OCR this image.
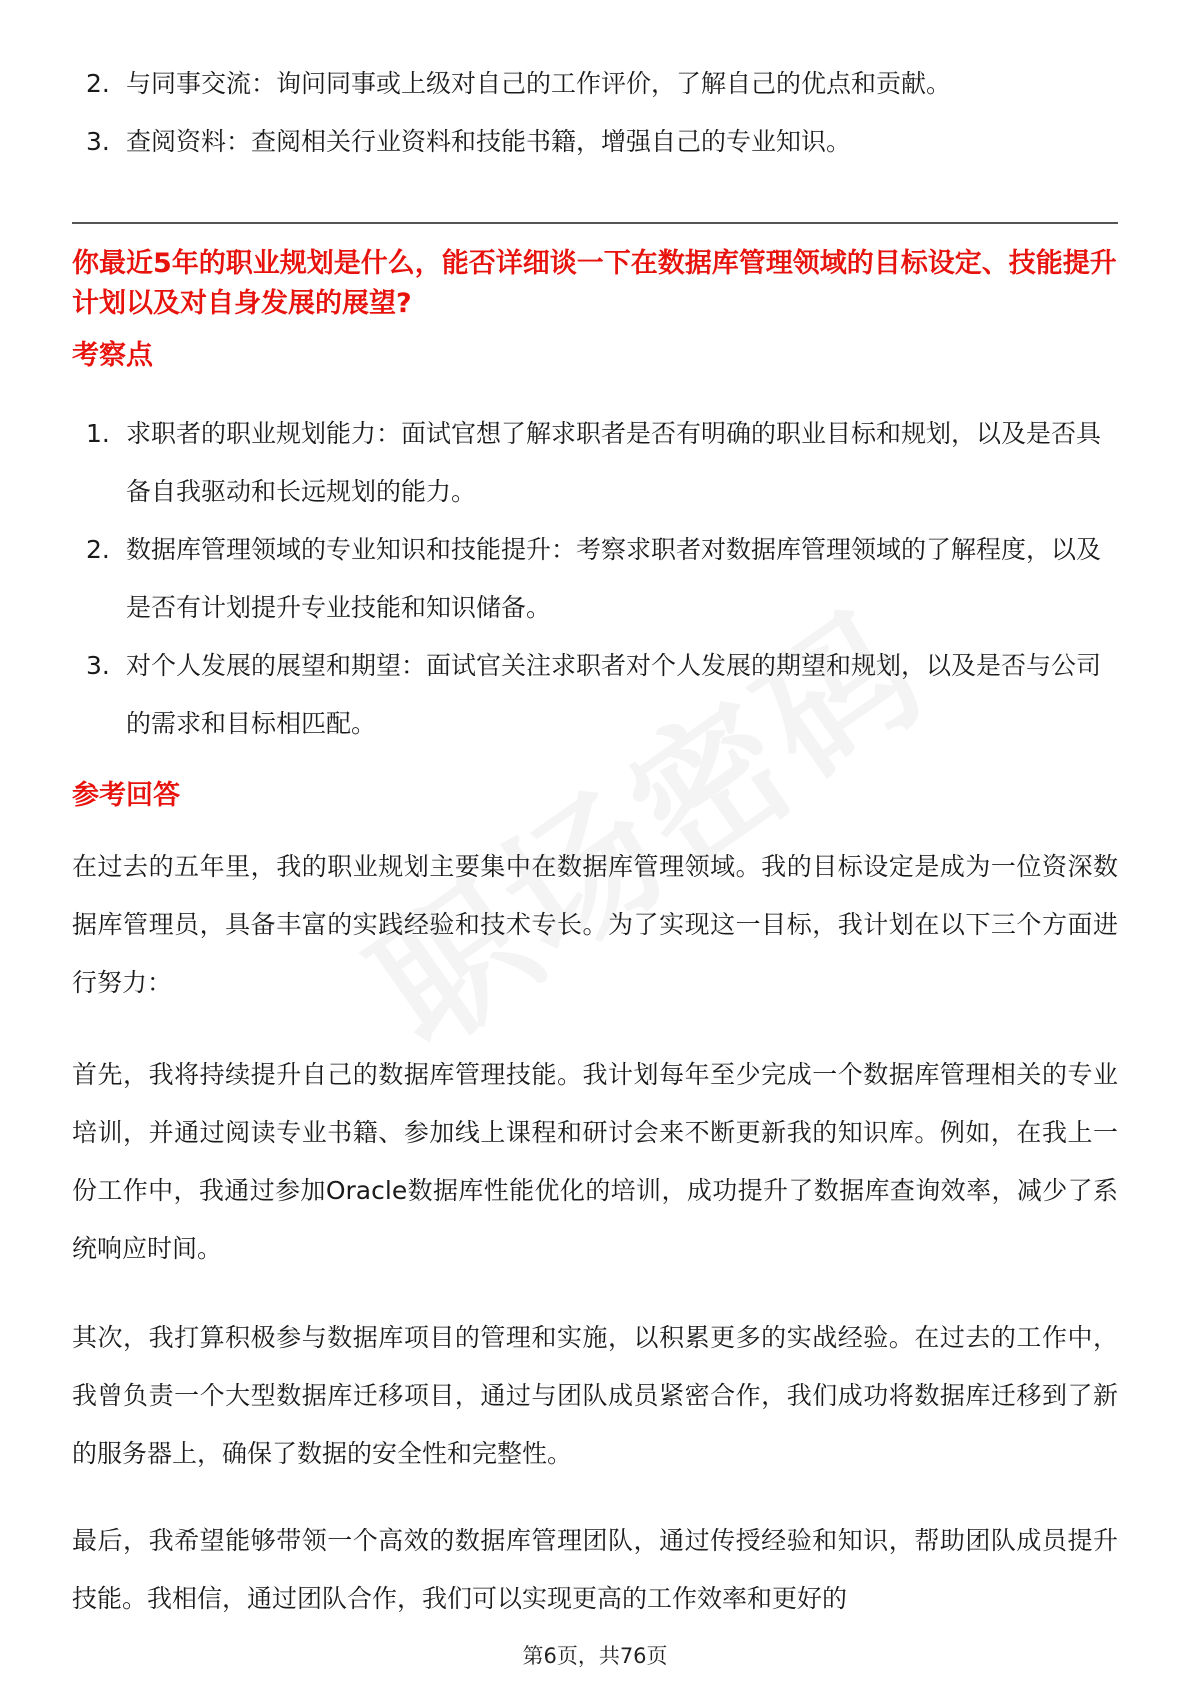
2. 与同事交流：询问同事或上级对自己的工作评价，了解自己的优点和贡献。
3. 查阅资料：查阅相关行业资料和技能书籍，增强自己的专业知识。
你最近5年的职业规划是什么，能否详细谈一下在数据库管理领域的目标设定、技能提升计划以及对自身发展的展望?
考察点
1. 求职者的职业规划能力：面试官想了解求职者是否有明确的职业目标和规划，以及是否具备自我驱动和长远规划的能力。
2. 数据库管理领域的专业知识和技能提升：考察求职者对数据库管理领域的了解程度，以及是否有计划提升专业技能和知识储备。
3. 对个人发展的展望和期望：面试官关注求职者对个人发展的期望和规划，以及是否与公司的需求和目标相匹配。
参考回答

在过去的五年里，我的职业规划主要集中在数据库管理领域。我的目标设定是成为一位资深数据库管理员，具备丰富的实践经验和技术专长。为了实现这一目标，我计划在以下三个方面进行努力：

首先，我将持续提升自己的数据库管理技能。我计划每年至少完成一个数据库管理相关的专业培训，并通过阅读专业书籍、参加线上课程和研讨会来不断更新我的知识库。例如，在我上一份工作中，我通过参加Oracle数据库性能优化的培训，成功提升了数据库查询效率，减少了系统响应时间。

其次，我打算积极参与数据库项目的管理和实施，以积累更多的实战经验。在过去的工作中，我曾负责一个大型数据库迁移项目，通过与团队成员紧密合作，我们成功将数据库迁移到了新的服务器上，确保了数据的安全性和完整性。

最后，我希望能够带领一个高效的数据库管理团队，通过传授经验和知识，帮助团队成员提升技能。我相信，通过团队合作，我们可以实现更高的工作效率和更好的

第6页，共76页
